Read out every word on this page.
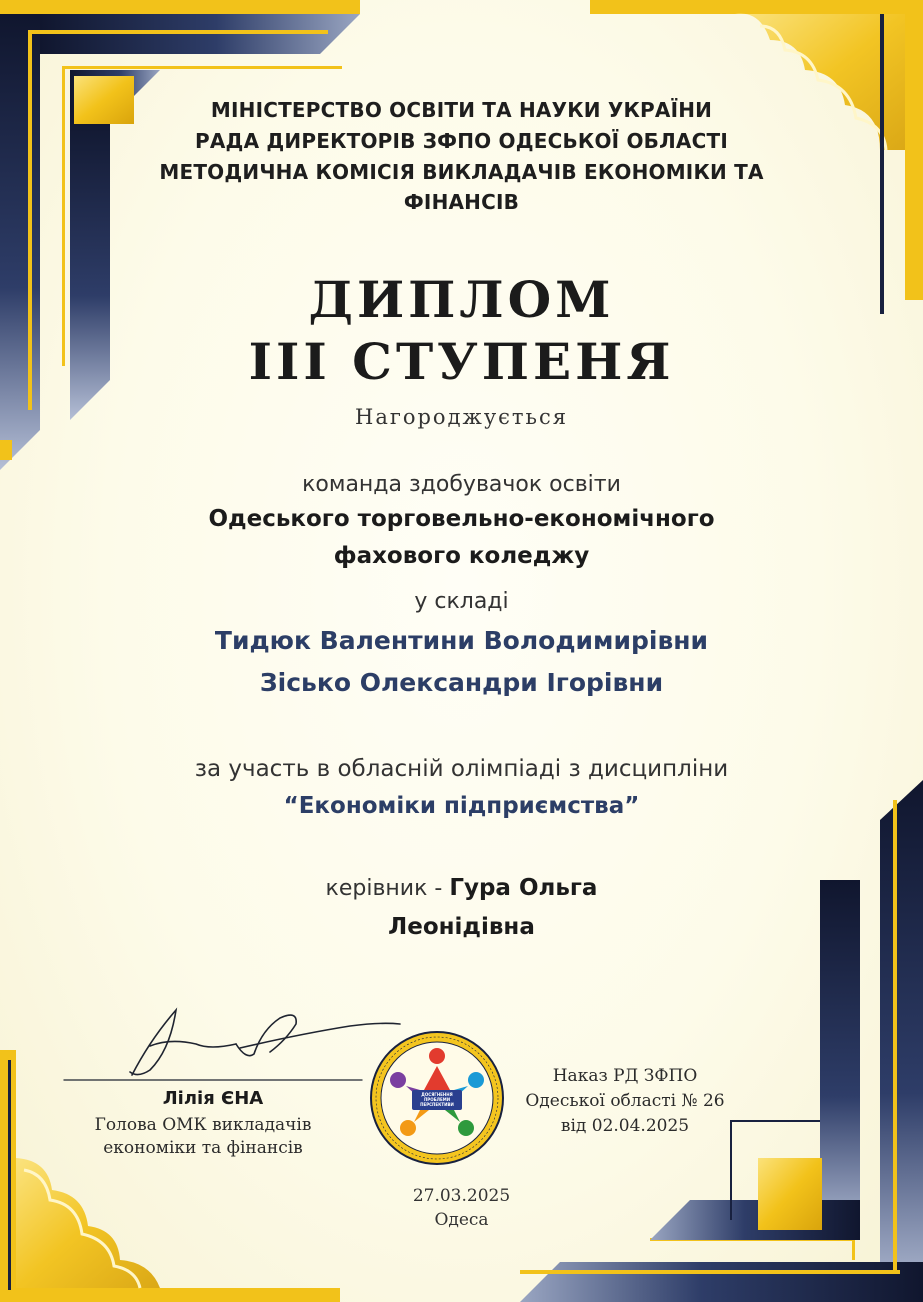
МІНІСТЕРСТВО ОСВІТИ ТА НАУКИ УКРАЇНИ
РАДА ДИРЕКТОРІВ ЗФПО ОДЕСЬКОЇ ОБЛАСТІ
МЕТОДИЧНА КОМІСІЯ ВИКЛАДАЧІВ ЕКОНОМІКИ ТА
ФІНАНСІВ
ДИПЛОМ
ІІІ СТУПЕНЯ
Нагороджується
команда здобувачок освіти
Одеського торговельно-економічного
фахового коледжу
у складі
Тидюк Валентини Володимирівни
Зісько Олександри Ігорівни
за участь в обласній олімпіаді з дисципліни
“Економіки підприємства”
керівник - Гура Ольга
Леонідівна
Лілія ЄНА
Голова ОМК викладачів
економіки та фінансів
ДОСЯГНЕННЯ ПРОБЛЕМИ ПЕРСПЕКТИВИ
Наказ РД ЗФПО
Одеської області № 26
від 02.04.2025
27.03.2025
Одеса
